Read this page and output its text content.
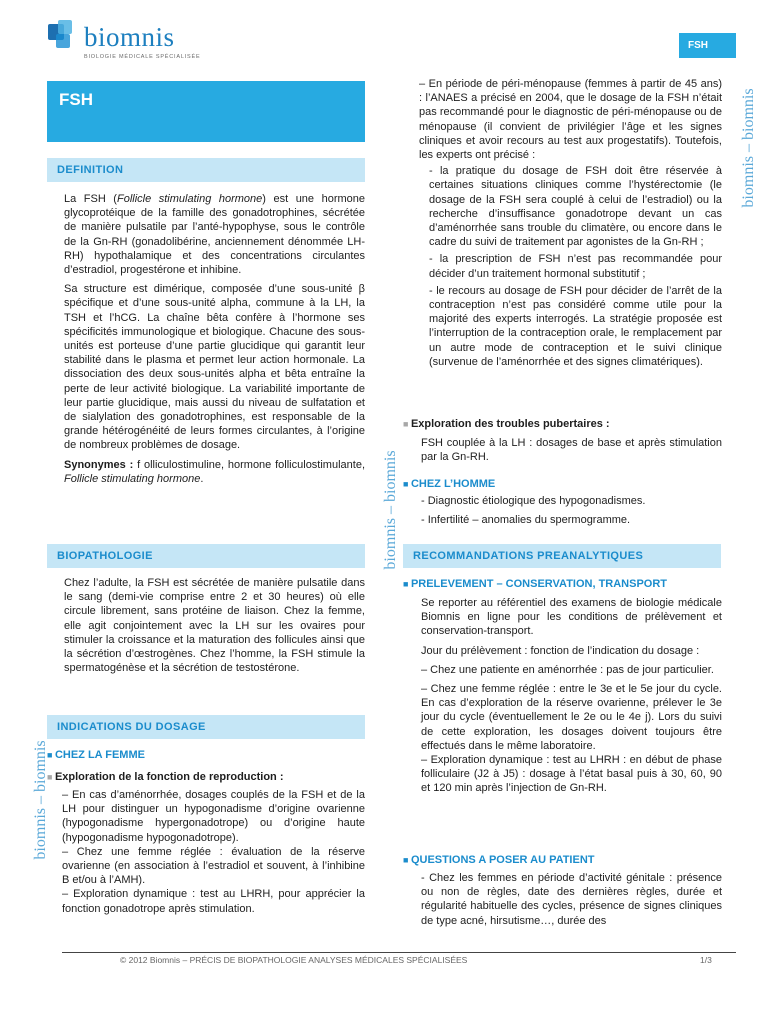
biomnis
BIOLOGIE MÉDICALE SPÉCIALISÉE
FSH
FSH
biomnis – biomnis
biomnis – biomnis
biomnis – biomnis
DEFINITION

La FSH (Follicle stimulating hormone) est une hormone glycoprotéique de la famille des gonadotrophines, sécrétée de manière pulsatile par l’anté-hypophyse, sous le contrôle de la Gn-RH (gonadolibérine, anciennement dénommée LH-RH) hypothalamique et des concentrations circulantes d’estradiol, progestérone et inhibine.

Sa structure est dimérique, composée d’une sous-unité β spécifique et d’une sous-unité alpha, commune à la LH, la TSH et l’hCG. La chaîne bêta confère à l’hormone ses spécificités immunologique et biologique. Chacune des sous-unités est porteuse d’une partie glucidique qui garantit leur stabilité dans le plasma et permet leur action hormonale. La dissociation des deux sous-unités alpha et bêta entraîne la perte de leur activité biologique. La variabilité importante de leur partie glucidique, mais aussi du niveau de sulfatation et de sialylation des gonadotrophines, est responsable de la grande hétérogénéité de leurs formes circulantes, à l’origine de nombreux problèmes de dosage.

Synonymes : f olliculostimuline, hormone folliculostimulante, Follicle stimulating hormone.

BIOPATHOLOGIE

Chez l’adulte, la FSH est sécrétée de manière pulsatile dans le sang (demi-vie comprise entre 2 et 30 heures) où elle circule librement, sans protéine de liaison. Chez la femme, elle agit conjointement avec la LH sur les ovaires pour stimuler la croissance et la maturation des follicules ainsi que la sécrétion d’œstrogènes. Chez l’homme, la FSH stimule la spermatogénèse et la sécrétion de testostérone.

INDICATIONS DU DOSAGE
■ CHEZ LA FEMME
■ Exploration de la fonction de reproduction :

– En cas d’aménorrhée, dosages couplés de la FSH et de la LH pour distinguer un hypogonadisme d’origine ovarienne (hypogonadisme hypergonadotrope) ou d’origine haute (hypogonadisme hypogonadotrope).

– Chez une femme réglée : évaluation de la réserve ovarienne (en association à l’estradiol et souvent, à l’inhibine B et/ou à l’AMH).

– Exploration dynamique : test au LHRH, pour apprécier la fonction gonadotrope après stimulation.

– En période de péri-ménopause (femmes à partir de 45 ans) : l’ANAES a précisé en 2004, que le dosage de la FSH n’était pas recommandé pour le diagnostic de péri-ménopause ou de ménopause (il convient de privilégier l’âge et les signes cliniques et avoir recours au test aux progestatifs). Toutefois, les experts ont précisé :

- la pratique du dosage de FSH doit être réservée à certaines situations cliniques comme l’hystérectomie (le dosage de la FSH sera couplé à celui de l’estradiol) ou la recherche d’insuffisance gonadotrope devant un cas d’aménorrhée sans trouble du climatère, ou encore dans le cadre du suivi de traitement par agonistes de la Gn-RH ;

- la prescription de FSH n’est pas recommandée pour décider d’un traitement hormonal substitutif ;

- le recours au dosage de FSH pour décider de l’arrêt de la contraception n’est pas considéré comme utile pour la majorité des experts interrogés. La stratégie proposée est l’interruption de la contraception orale, le remplacement par un autre mode de contraception et le suivi clinique (survenue de l’aménorrhée et des signes climatériques).

■ Exploration des troubles pubertaires :

FSH couplée à la LH : dosages de base et après stimulation par la Gn-RH.

■ CHEZ L’HOMME

- Diagnostic étiologique des hypogonadismes.

- Infertilité – anomalies du spermogramme.

RECOMMANDATIONS PREANALYTIQUES
■ PRELEVEMENT – CONSERVATION, TRANSPORT

Se reporter au référentiel des examens de biologie médicale Biomnis en ligne pour les conditions de prélèvement et conservation-transport.

Jour du prélèvement : fonction de l’indication du dosage :

– Chez une patiente en aménorrhée : pas de jour particulier.

– Chez une femme réglée : entre le 3e et le 5e jour du cycle. En cas d’exploration de la réserve ovarienne, prélever le 3e jour du cycle (éventuellement le 2e ou le 4e j). Lors du suivi de cette exploration, les dosages doivent toujours être effectués dans le même laboratoire.

– Exploration dynamique : test au LHRH : en début de phase folliculaire (J2 à J5) : dosage à l’état basal puis à 30, 60, 90 et 120 min après l’injection de Gn-RH.

■ QUESTIONS A POSER AU PATIENT

- Chez les femmes en période d’activité génitale : présence ou non de règles, date des dernières règles, durée et régularité habituelle des cycles, présence de signes cliniques de type acné, hirsutisme…, durée des

© 2012 Biomnis – PRÉCIS DE BIOPATHOLOGIE ANALYSES MÉDICALES SPÉCIALISÉES	1/3
